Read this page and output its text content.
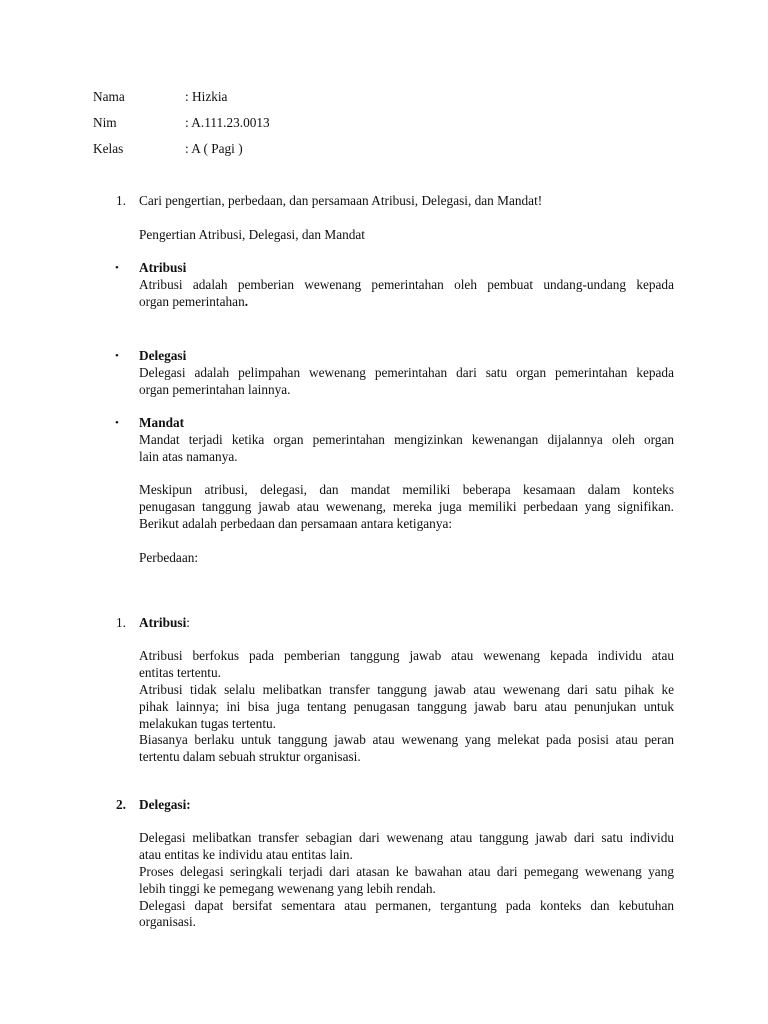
Nama	: Hizkia
Nim	: A.111.23.0013
Kelas	: A ( Pagi )
1. Cari pengertian, perbedaan, dan persamaan Atribusi, Delegasi, dan Mandat!
Pengertian Atribusi, Delegasi, dan Mandat
• Atribusi
Atribusi adalah pemberian wewenang pemerintahan oleh pembuat undang-undang kepada
organ pemerintahan.
• Delegasi
Delegasi adalah pelimpahan wewenang pemerintahan dari satu organ pemerintahan kepada
organ pemerintahan lainnya.
• Mandat
Mandat terjadi ketika organ pemerintahan mengizinkan kewenangan dijalannya oleh organ
lain atas namanya.
Meskipun atribusi, delegasi, dan mandat memiliki beberapa kesamaan dalam konteks
penugasan tanggung jawab atau wewenang, mereka juga memiliki perbedaan yang signifikan.
Berikut adalah perbedaan dan persamaan antara ketiganya:
Perbedaan:
1. Atribusi:
Atribusi berfokus pada pemberian tanggung jawab atau wewenang kepada individu atau
entitas tertentu.
Atribusi tidak selalu melibatkan transfer tanggung jawab atau wewenang dari satu pihak ke
pihak lainnya; ini bisa juga tentang penugasan tanggung jawab baru atau penunjukan untuk
melakukan tugas tertentu.
Biasanya berlaku untuk tanggung jawab atau wewenang yang melekat pada posisi atau peran
tertentu dalam sebuah struktur organisasi.
2. Delegasi:
Delegasi melibatkan transfer sebagian dari wewenang atau tanggung jawab dari satu individu
atau entitas ke individu atau entitas lain.
Proses delegasi seringkali terjadi dari atasan ke bawahan atau dari pemegang wewenang yang
lebih tinggi ke pemegang wewenang yang lebih rendah.
Delegasi dapat bersifat sementara atau permanen, tergantung pada konteks dan kebutuhan
organisasi.
